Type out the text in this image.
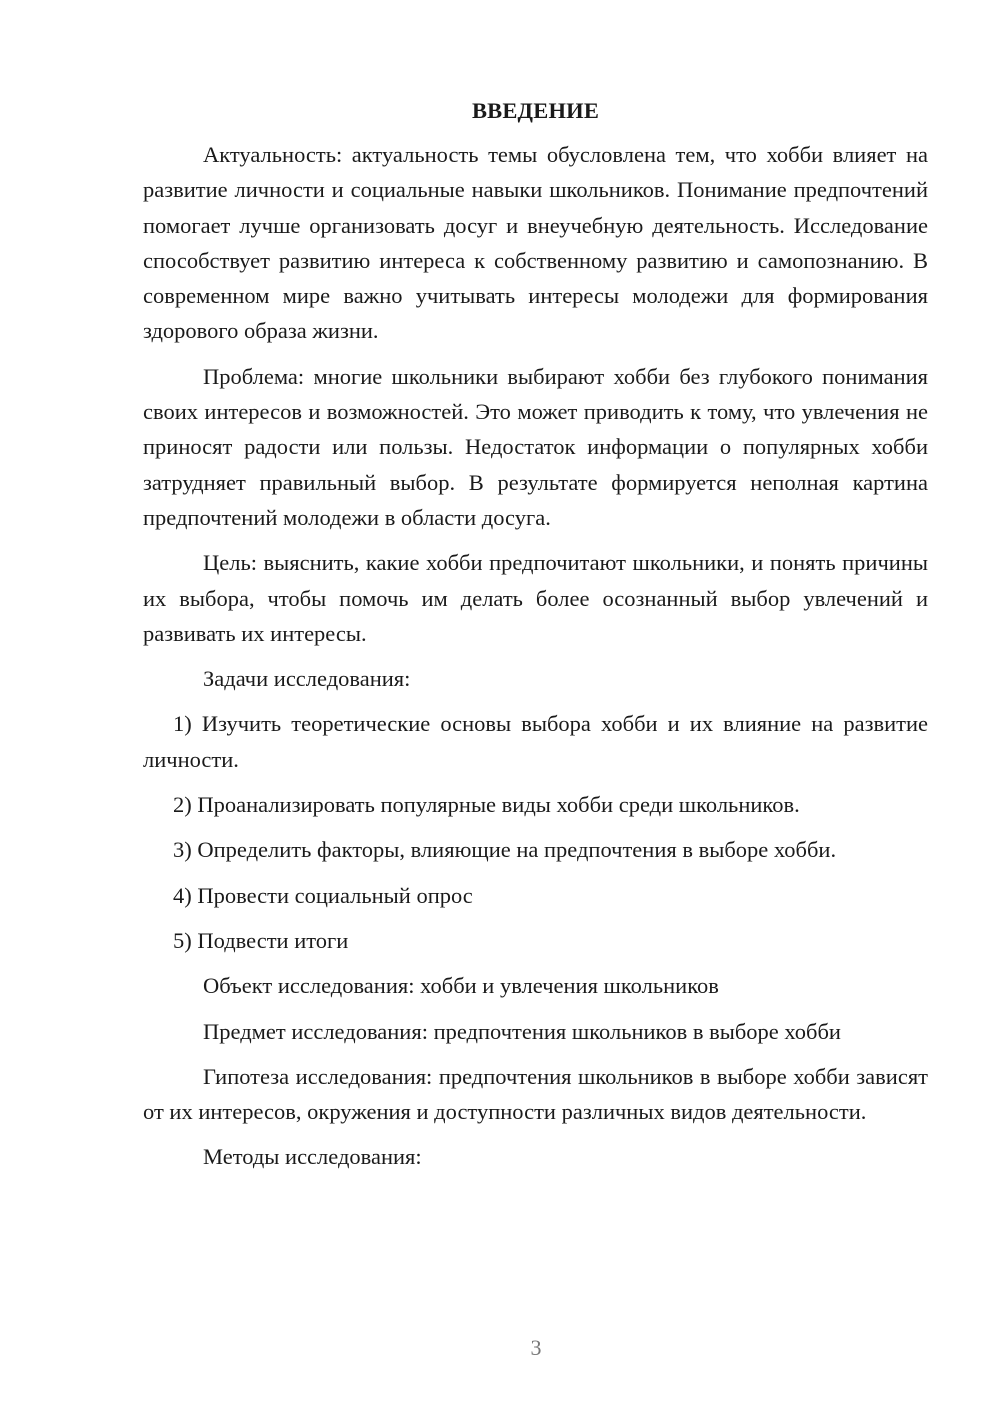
ВВЕДЕНИЕ

Актуальность: актуальность темы обусловлена тем, что хобби влияет на развитие личности и социальные навыки школьников. Понимание предпочтений помогает лучше организовать досуг и внеучебную деятельность. Исследование способствует развитию интереса к собственному развитию и самопознанию. В современном мире важно учитывать интересы молодежи для формирования здорового образа жизни.

Проблема: многие школьники выбирают хобби без глубокого понимания своих интересов и возможностей. Это может приводить к тому, что увлечения не приносят радости или пользы. Недостаток информации о популярных хобби затрудняет правильный выбор. В результате формируется неполная картина предпочтений молодежи в области досуга.

Цель: выяснить, какие хобби предпочитают школьники, и понять причины их выбора, чтобы помочь им делать более осознанный выбор увлечений и развивать их интересы.

Задачи исследования:

1) Изучить теоретические основы выбора хобби и их влияние на развитие личности.

2) Проанализировать популярные виды хобби среди школьников.

3) Определить факторы, влияющие на предпочтения в выборе хобби.

4) Провести социальный опрос

5) Подвести итоги

Объект исследования: хобби и увлечения школьников

Предмет исследования: предпочтения школьников в выборе хобби

Гипотеза исследования: предпочтения школьников в выборе хобби зависят от их интересов, окружения и доступности различных видов деятельности.

Методы исследования:

3
